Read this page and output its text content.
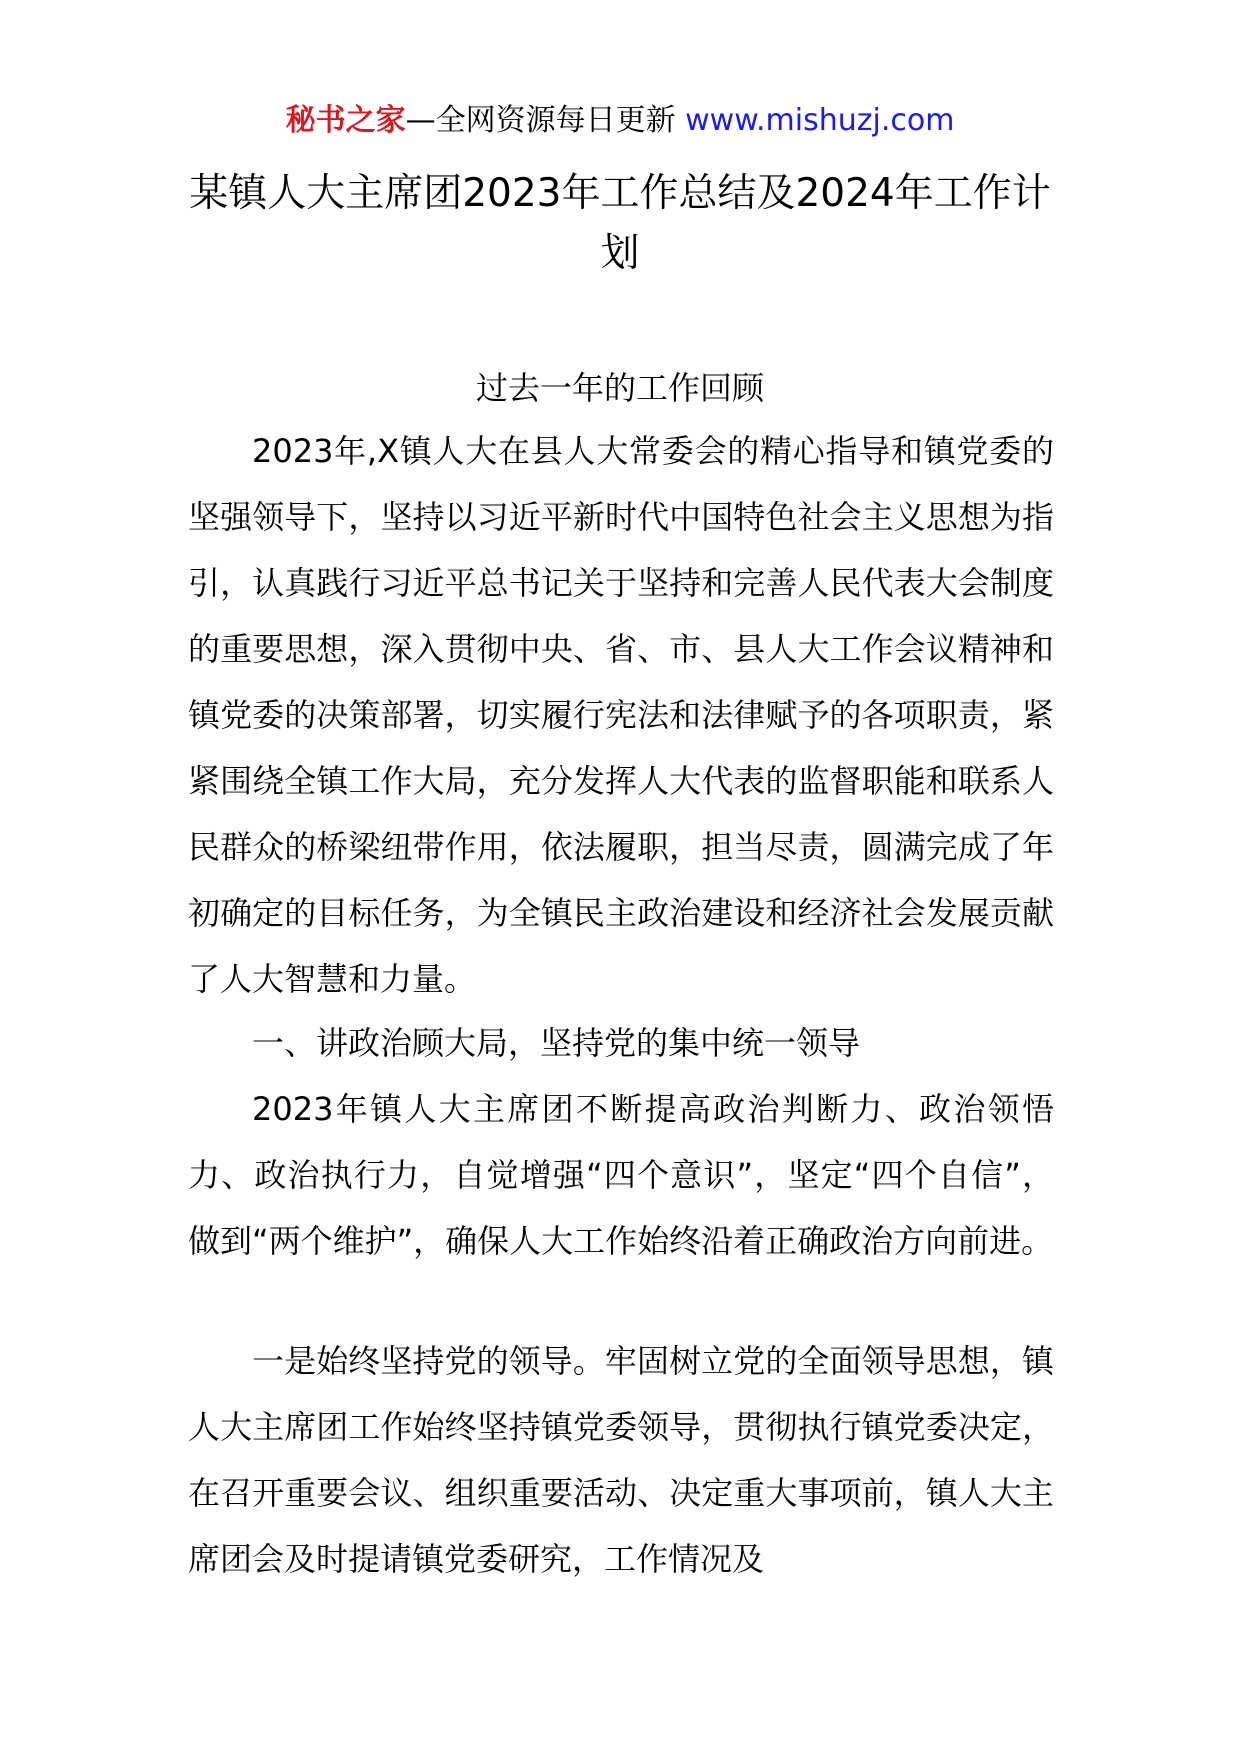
秘书之家—全网资源每日更新 www.mishuzj.com
某镇人大主席团2023年工作总结及2024年工作计划
过去一年的工作回顾

2023年,X镇人大在县人大常委会的精心指导和镇党委的坚强领导下，坚持以习近平新时代中国特色社会主义思想为指引，认真践行习近平总书记关于坚持和完善人民代表大会制度的重要思想，深入贯彻中央、省、市、县人大工作会议精神和镇党委的决策部署，切实履行宪法和法律赋予的各项职责，紧紧围绕全镇工作大局，充分发挥人大代表的监督职能和联系人民群众的桥梁纽带作用，依法履职，担当尽责，圆满完成了年初确定的目标任务，为全镇民主政治建设和经济社会发展贡献了人大智慧和力量。

一、讲政治顾大局，坚持党的集中统一领导

2023年镇人大主席团不断提高政治判断力、政治领悟力、政治执行力，自觉增强“四个意识”，坚定“四个自信”，做到“两个维护”，确保人大工作始终沿着正确政治方向前进。

一是始终坚持党的领导。牢固树立党的全面领导思想，镇人大主席团工作始终坚持镇党委领导，贯彻执行镇党委决定，在召开重要会议、组织重要活动、决定重大事项前，镇人大主席团会及时提请镇党委研究，工作情况及
